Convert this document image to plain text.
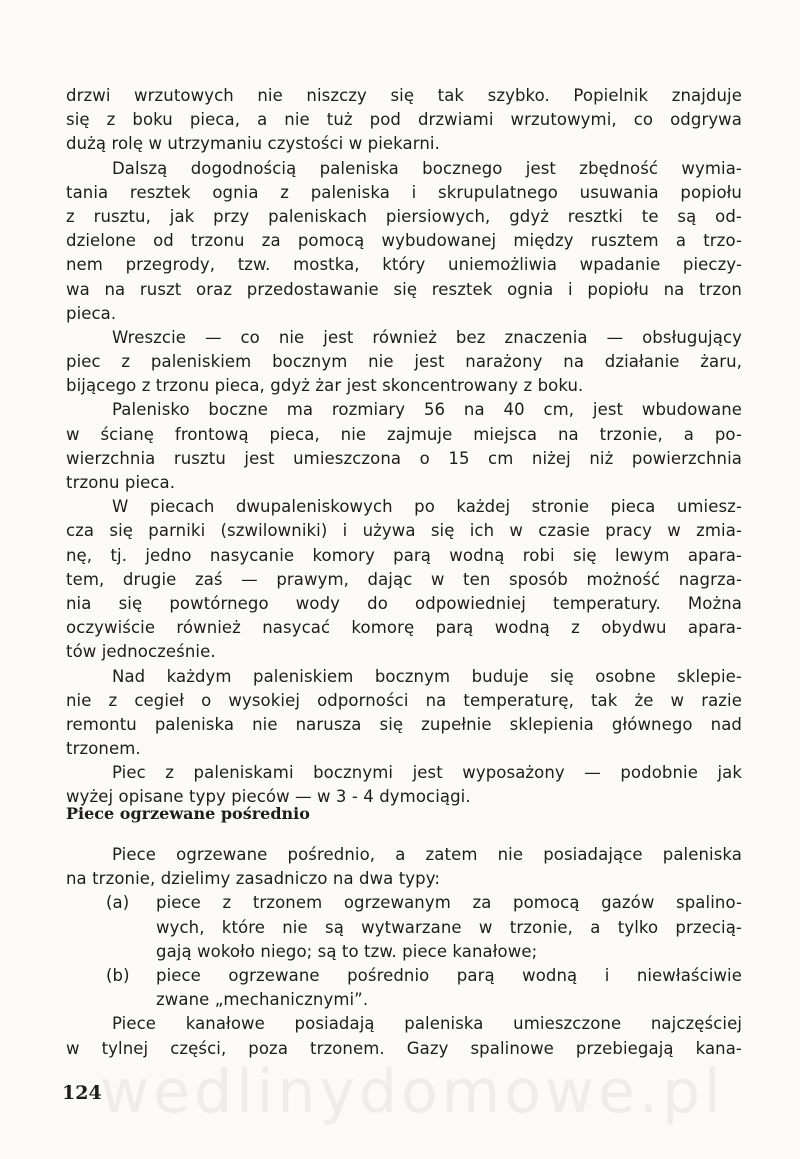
drzwi wrzutowych nie niszczy się tak szybko. Popielnik znajduje
się z boku pieca, a nie tuż pod drzwiami wrzutowymi, co odgrywa
dużą rolę w utrzymaniu czystości w piekarni.
Dalszą dogodnością paleniska bocznego jest zbędność wymia-
tania resztek ognia z paleniska i skrupulatnego usuwania popiołu
z rusztu, jak przy paleniskach piersiowych, gdyż resztki te są od-
dzielone od trzonu za pomocą wybudowanej między rusztem a trzo-
nem przegrody, tzw. mostka, który uniemożliwia wpadanie pieczy-
wa na ruszt oraz przedostawanie się resztek ognia i popiołu na trzon
pieca.
Wreszcie — co nie jest również bez znaczenia — obsługujący
piec z paleniskiem bocznym nie jest narażony na działanie żaru,
bijącego z trzonu pieca, gdyż żar jest skoncentrowany z boku.
Palenisko boczne ma rozmiary 56 na 40 cm, jest wbudowane
w ścianę frontową pieca, nie zajmuje miejsca na trzonie, a po-
wierzchnia rusztu jest umieszczona o 15 cm niżej niż powierzchnia
trzonu pieca.
W piecach dwupaleniskowych po każdej stronie pieca umiesz-
cza się parniki (szwilowniki) i używa się ich w czasie pracy w zmia-
nę, tj. jedno nasycanie komory parą wodną robi się lewym apara-
tem, drugie zaś — prawym, dając w ten sposób możność nagrza-
nia się powtórnego wody do odpowiedniej temperatury. Można
oczywiście również nasycać komorę parą wodną z obydwu apara-
tów jednocześnie.
Nad każdym paleniskiem bocznym buduje się osobne sklepie-
nie z cegieł o wysokiej odporności na temperaturę, tak że w razie
remontu paleniska nie narusza się zupełnie sklepienia głównego nad
trzonem.
Piec z paleniskami bocznymi jest wyposażony — podobnie jak
wyżej opisane typy pieców — w 3 - 4 dymociągi.
Piece ogrzewane pośrednio
Piece ogrzewane pośrednio, a zatem nie posiadające paleniska
na trzonie, dzielimy zasadniczo na dwa typy:
(a)	piece z trzonem ogrzewanym za pomocą gazów spalino-
wych, które nie są wytwarzane w trzonie, a tylko przecią-
gają wokoło niego; są to tzw. piece kanałowe;
(b)	piece ogrzewane pośrednio parą wodną i niewłaściwie
zwane „mechanicznymi”.
Piece kanałowe posiadają paleniska umieszczone najczęściej
w tylnej części, poza trzonem. Gazy spalinowe przebiegają kana-
wedlinydomowe.pl
124
